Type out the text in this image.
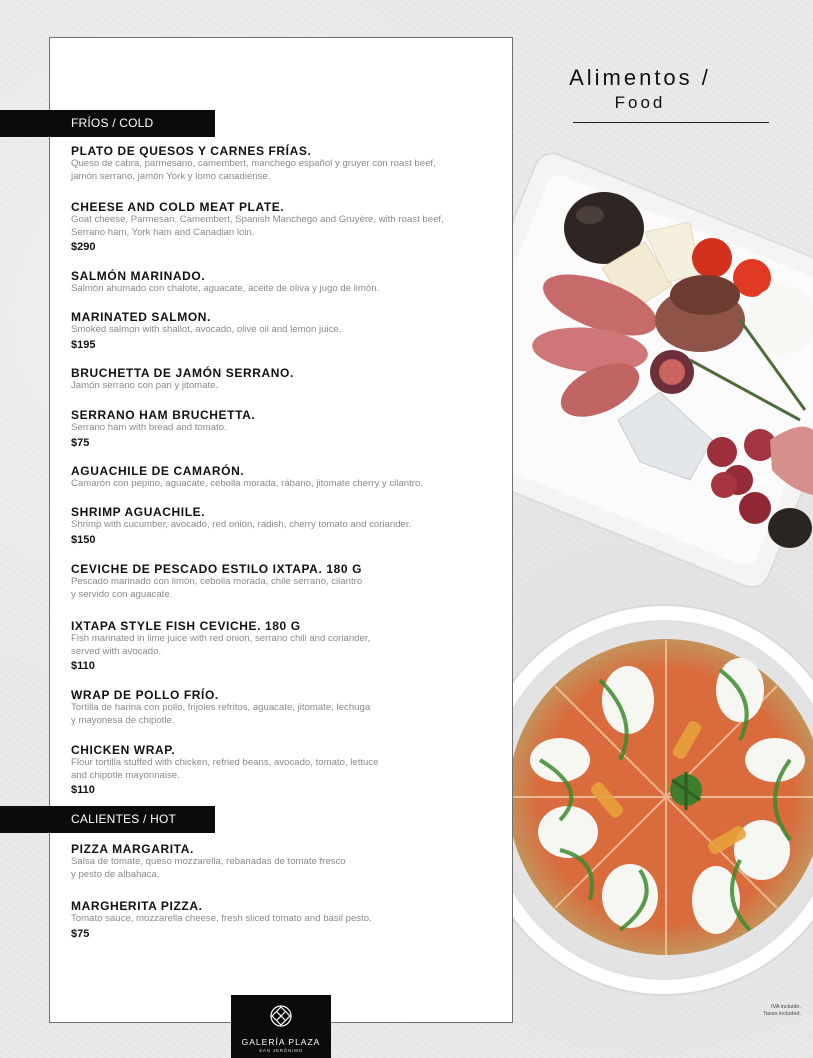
Alimentos /
Food
FRÍOS / COLD
PLATO DE QUESOS Y CARNES FRÍAS.
Queso de cabra, parmesano, camembert, manchego español y gruyer con roast beef,
jamón serrano, jamón York y lomo canadiense.
CHEESE AND COLD MEAT PLATE.
Goat cheese, Parmesan, Camembert, Spanish Manchego and Gruyère, with roast beef,
Serrano ham, York ham and Canadian loin.
$290
SALMÓN MARINADO.
Salmón ahumado con chalote, aguacate, aceite de oliva y jugo de limón.
MARINATED SALMON.
Smoked salmon with shallot, avocado, olive oil and lemon juice.
$195
BRUCHETTA DE JAMÓN SERRANO.
Jamón serrano con pan y jitomate.
SERRANO HAM BRUCHETTA.
Serrano ham with bread and tomato.
$75
AGUACHILE DE CAMARÓN.
Camarón con pepino, aguacate, cebolla morada, rábano, jitomate cherry y cilantro.
SHRIMP AGUACHILE.
Shrimp with cucumber, avocado, red onion, radish, cherry tomato and coriander.
$150
CEVICHE DE PESCADO ESTILO IXTAPA. 180 G
Pescado marinado con limón, cebolla morada, chile serrano, cilantro
y servido con aguacate.
IXTAPA STYLE FISH CEVICHE. 180 G
Fish marinated in lime juice with red onion, serrano chili and coriander,
served with avocado.
$110
WRAP DE POLLO FRÍO.
Tortilla de harina con pollo, frijoles refritos, aguacate, jitomate, lechuga
y mayonesa de chipotle.
CHICKEN WRAP.
Flour tortilla stuffed with chicken, refried beans, avocado, tomato, lettuce
and chipotle mayonnaise.
$110
CALIENTES / HOT
PIZZA MARGARITA.
Salsa de tomate, queso mozzarella, rebanadas de tomate fresco
y pesto de albahaca.
MARGHERITA PIZZA.
Tomato sauce, mozzarella cheese, fresh sliced tomato and basil pesto.
$75
GALERÍA PLAZA
SAN JERÓNIMO
IVA incluido.
Taxes included.
